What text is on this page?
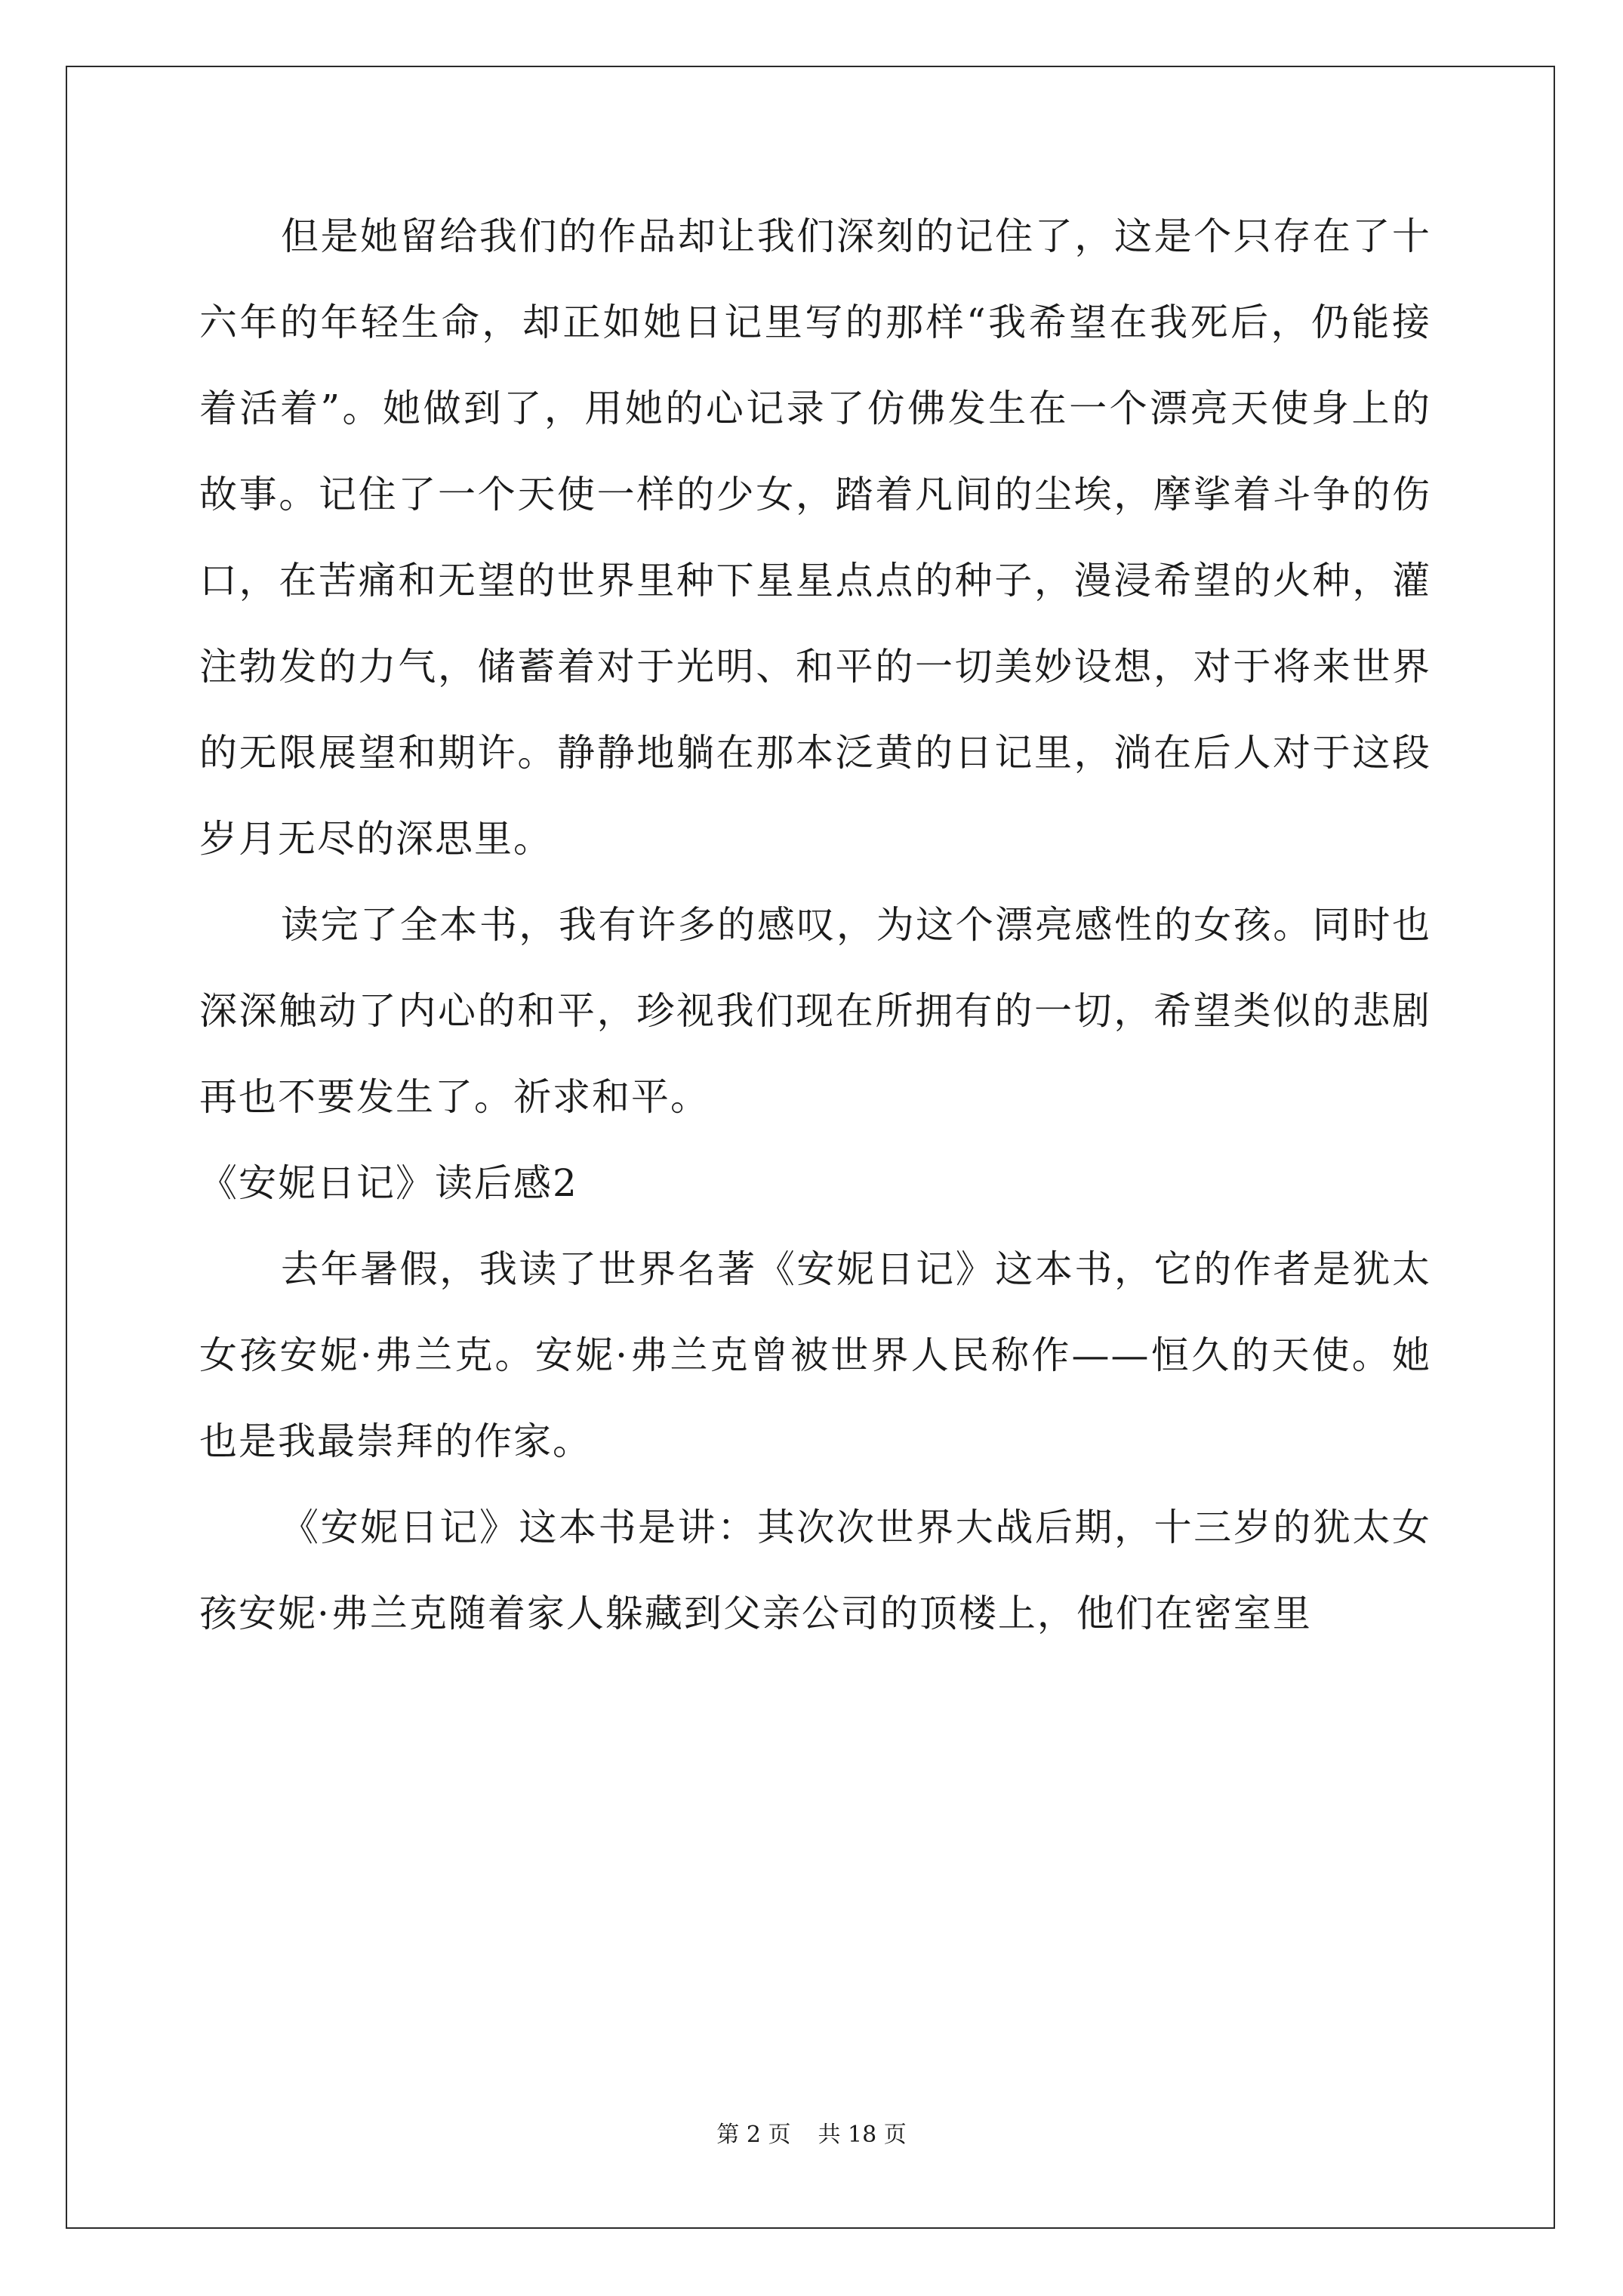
但是她留给我们的作品却让我们深刻的记住了，这是个只存在了十六年的年轻生命，却正如她日记里写的那样“我希望在我死后，仍能接着活着”。她做到了，用她的心记录了仿佛发生在一个漂亮天使身上的故事。记住了一个天使一样的少女，踏着凡间的尘埃，摩挲着斗争的伤口，在苦痛和无望的世界里种下星星点点的种子，漫浸希望的火种，灌注勃发的力气，储蓄着对于光明、和平的一切美妙设想，对于将来世界的无限展望和期许。静静地躺在那本泛黄的日记里，淌在后人对于这段岁月无尽的深思里。

读完了全本书，我有许多的感叹，为这个漂亮感性的女孩。同时也深深触动了内心的和平，珍视我们现在所拥有的一切，希望类似的悲剧再也不要发生了。祈求和平。

《安妮日记》读后感2

去年暑假，我读了世界名著《安妮日记》这本书，它的作者是犹太女孩安妮·弗兰克。安妮·弗兰克曾被世界人民称作——恒久的天使。她也是我最崇拜的作家。

《安妮日记》这本书是讲：其次次世界大战后期，十三岁的犹太女孩安妮·弗兰克随着家人躲藏到父亲公司的顶楼上，他们在密室里

第 2 页 共 18 页
